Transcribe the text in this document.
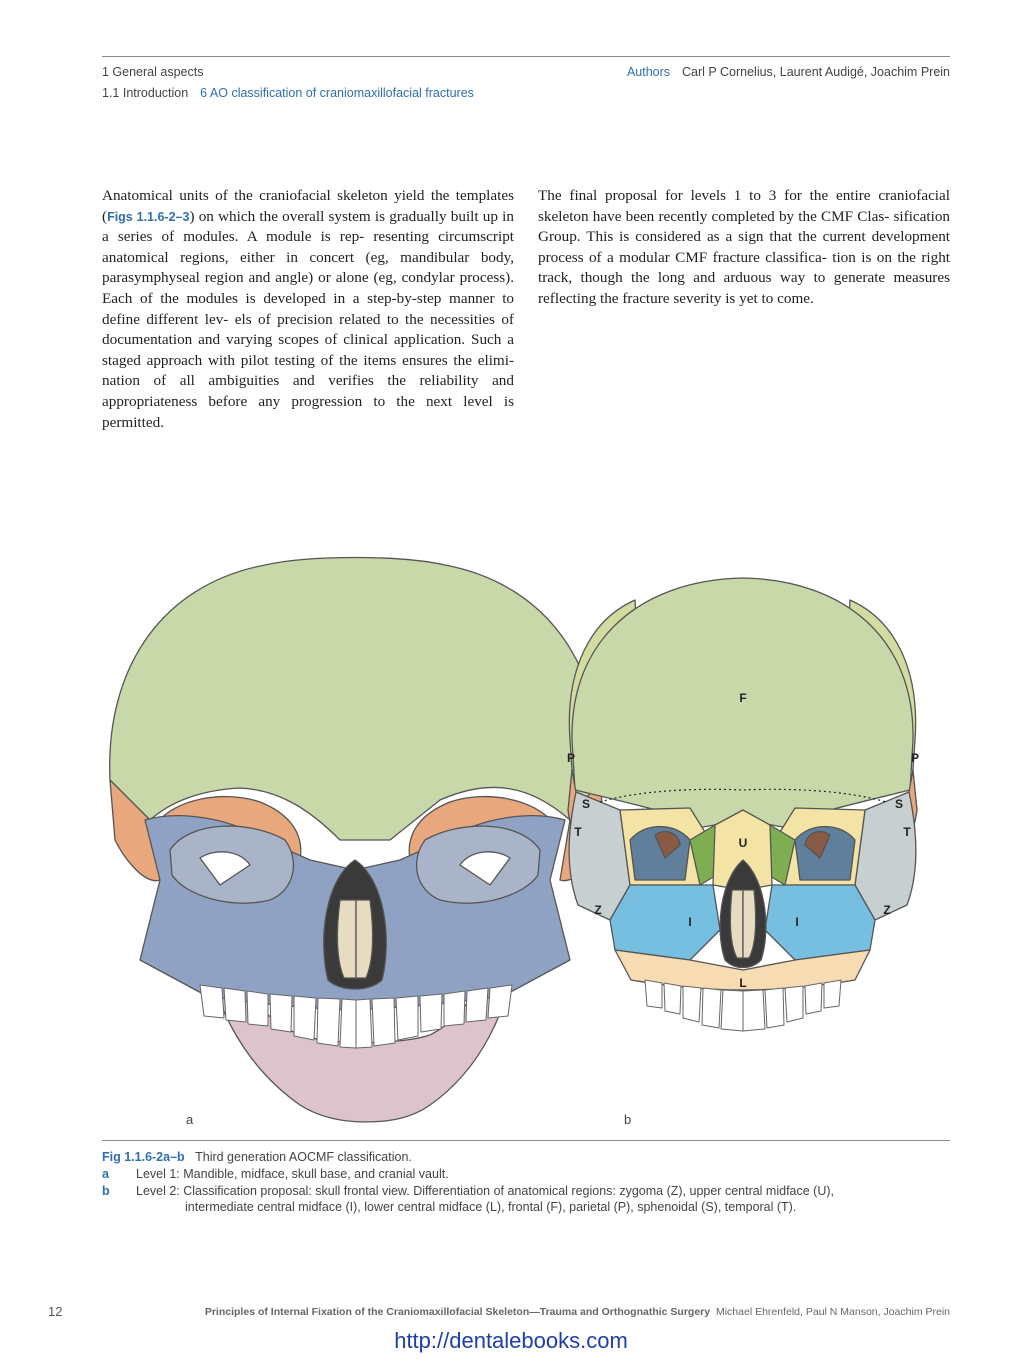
1 General aspects
1.1 Introduction 6 AO classification of craniomaxillofacial fractures
Authors Carl P Cornelius, Laurent Audigé, Joachim Prein
Anatomical units of the craniofacial skeleton yield the templates (Figs 1.1.6-2–3) on which the overall system is gradually built up in a series of modules. A module is rep- resenting circumscript anatomical regions, either in concert (eg, mandibular body, parasymphyseal region and angle) or alone (eg, condylar process). Each of the modules is developed in a step-by-step manner to define different lev- els of precision related to the necessities of documentation and varying scopes of clinical application. Such a staged approach with pilot testing of the items ensures the elimi- nation of all ambiguities and verifies the reliability and appropriateness before any progression to the next level is permitted.
The final proposal for levels 1 to 3 for the entire craniofacial skeleton have been recently completed by the CMF Clas- sification Group. This is considered as a sign that the current development process of a modular CMF fracture classifica- tion is on the right track, though the long and arduous way to generate measures reflecting the fracture severity is yet to come.
F
P	P
S	S
T	T
U
Z	Z
I	I
L
a	b
Fig 1.1.6-2a–b Third generation AOCMF classification.
a Level 1: Mandible, midface, skull base, and cranial vault.
b Level 2: Classification proposal: skull frontal view. Differentiation of anatomical regions: zygoma (Z), upper central midface (U),
intermediate central midface (I), lower central midface (L), frontal (F), parietal (P), sphenoidal (S), temporal (T).
12	Principles of Internal Fixation of the Craniomaxillofacial Skeleton—Trauma and Orthognathic Surgery Michael Ehrenfeld, Paul N Manson, Joachim Prein
http://dentalebooks.com
